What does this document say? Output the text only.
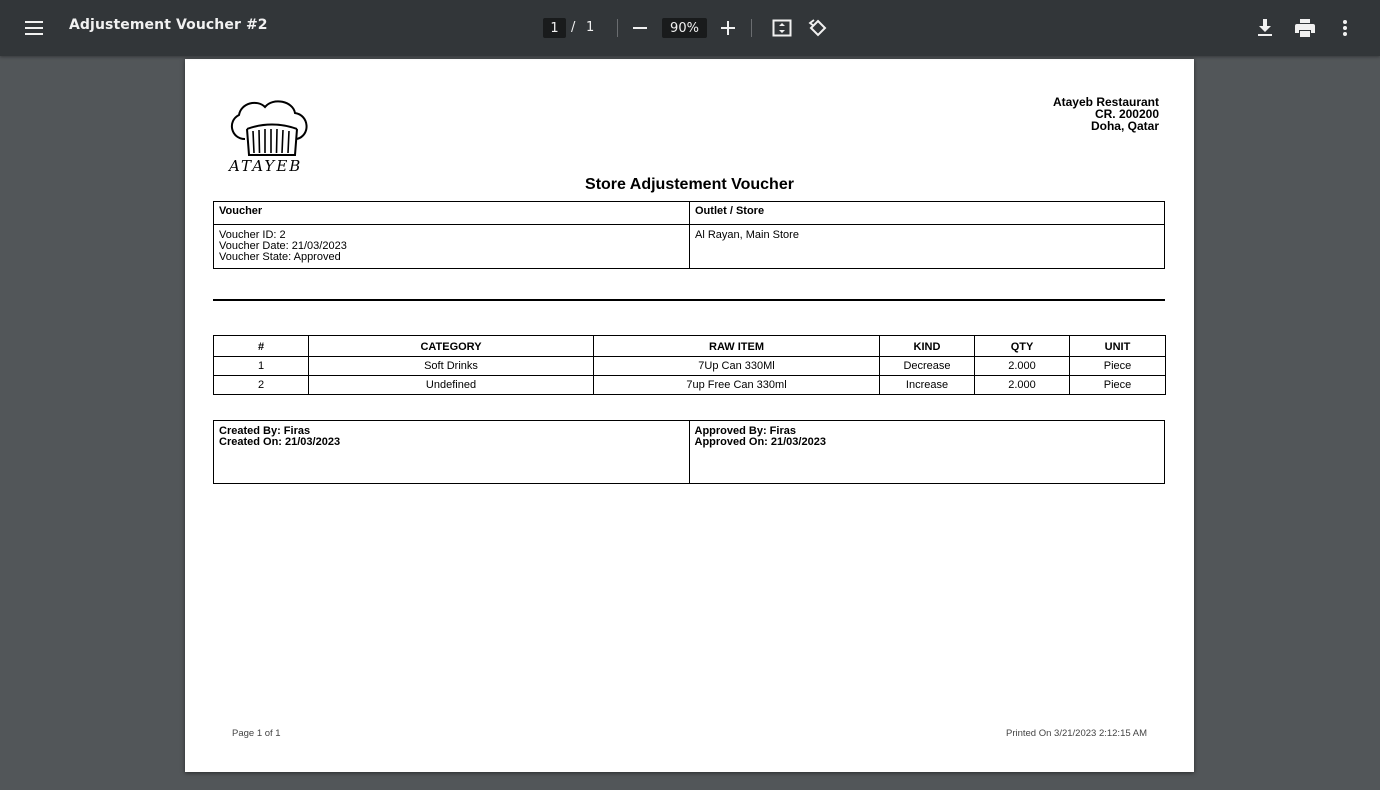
Adjustement Voucher #2
1	/ 1
90%
ATAYEB
Atayeb Restaurant
CR. 200200
Doha, Qatar
Store Adjustement Voucher
Voucher	Outlet / Store

Voucher ID: 2
Voucher Date: 21/03/2023
Voucher State: Approved	Al Rayan, Main Store
#	CATEGORY	RAW ITEM	KIND	QTY	UNIT
1	Soft Drinks	7Up Can 330Ml	Decrease	2.000	Piece
2	Undefined	7up Free Can 330ml	Increase	2.000	Piece
Created By: Firas
Created On: 21/03/2023

Approved By: Firas
Approved On: 21/03/2023
Page 1 of 1	Printed On 3/21/2023 2:12:15 AM
